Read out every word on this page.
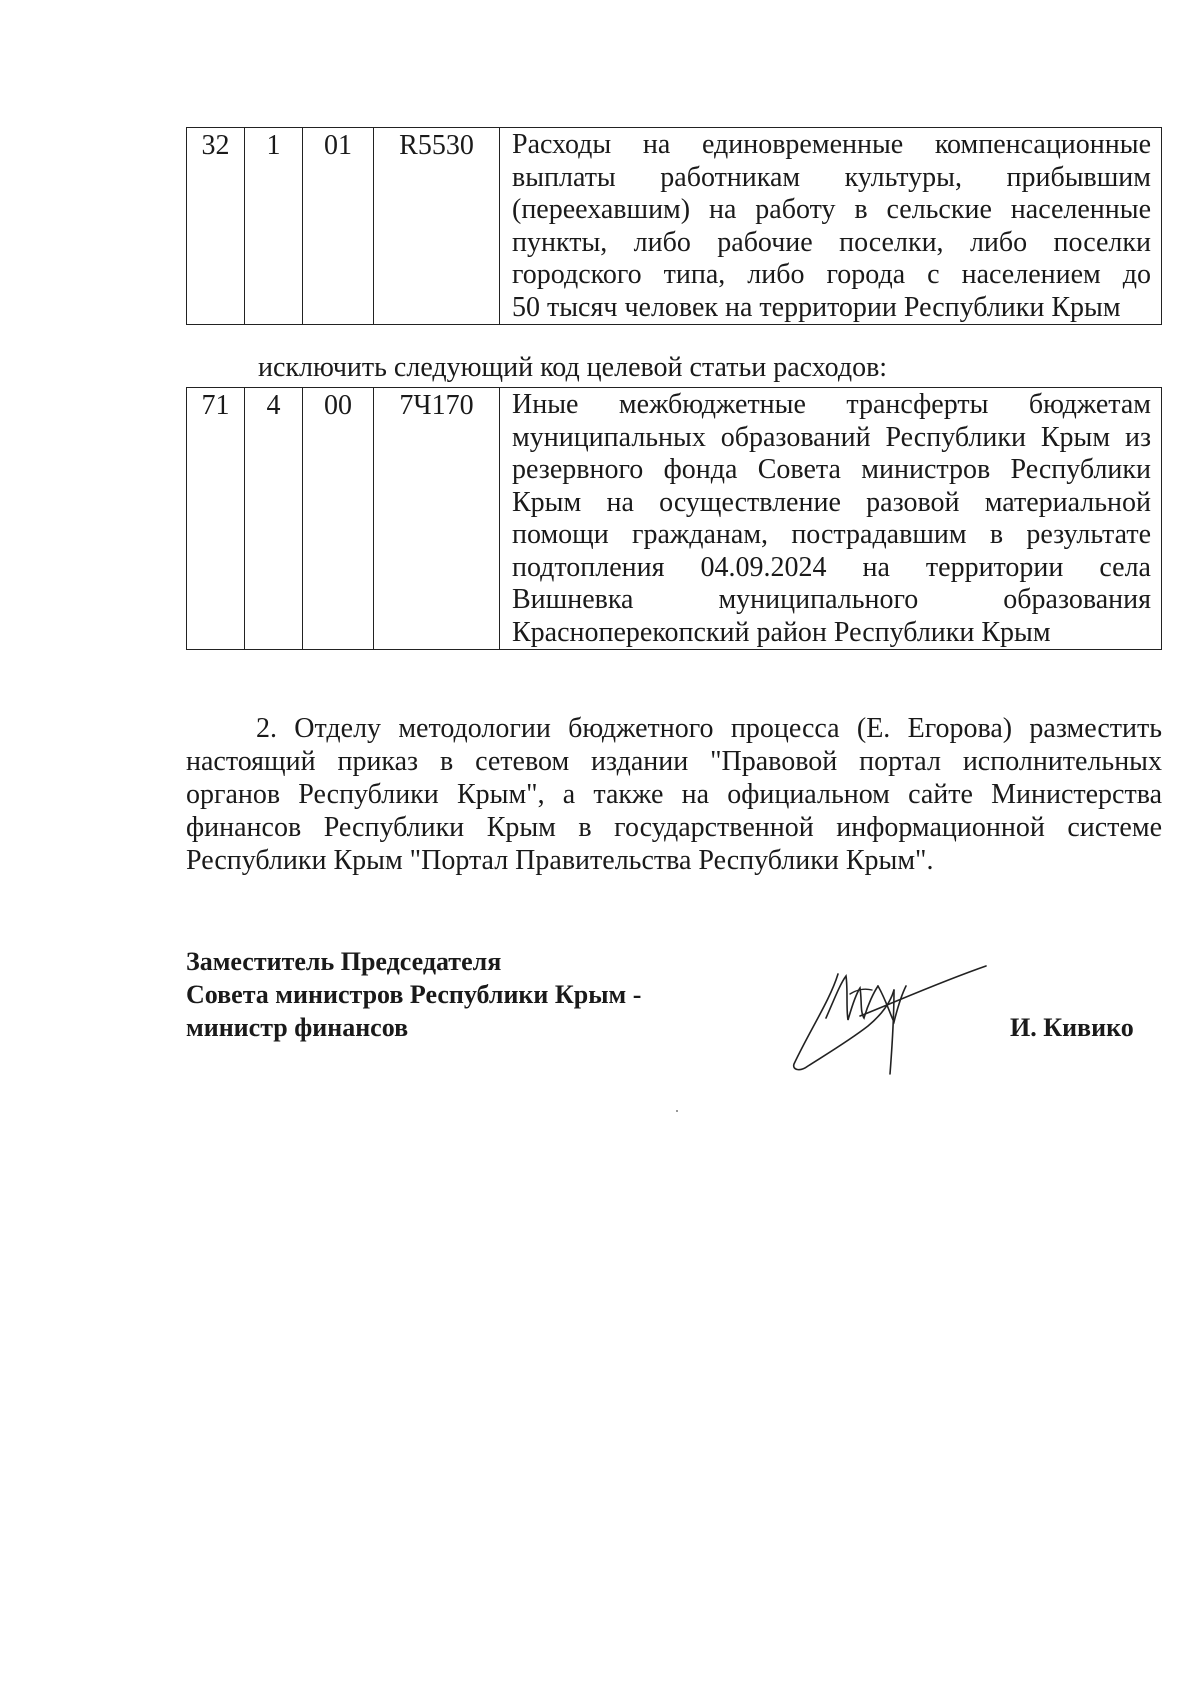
32	1	01	R5530	Расходы на единовременные компенсационные
выплаты работникам культуры, прибывшим
(переехавшим) на работу в сельские населенные
пункты, либо рабочие поселки, либо поселки
городского типа, либо города с населением до
50 тысяч человек на территории Республики Крым
исключить следующий код целевой статьи расходов:
71	4	00	7Ч170	Иные межбюджетные трансферты бюджетам
муниципальных образований Республики Крым из
резервного фонда Совета министров Республики
Крым на осуществление разовой материальной
помощи гражданам, пострадавшим в результате
подтопления 04.09.2024 на территории села
Вишневка муниципального образования
Красноперекопский район Республики Крым
2. Отделу методологии бюджетного процесса (Е. Егорова) разместить
настоящий приказ в сетевом издании "Правовой портал исполнительных
органов Республики Крым", а также на официальном сайте Министерства
финансов Республики Крым в государственной информационной системе
Республики Крым "Портал Правительства Республики Крым".
Заместитель Председателя
Совета министров Республики Крым -
министр финансов	И. Кивико
